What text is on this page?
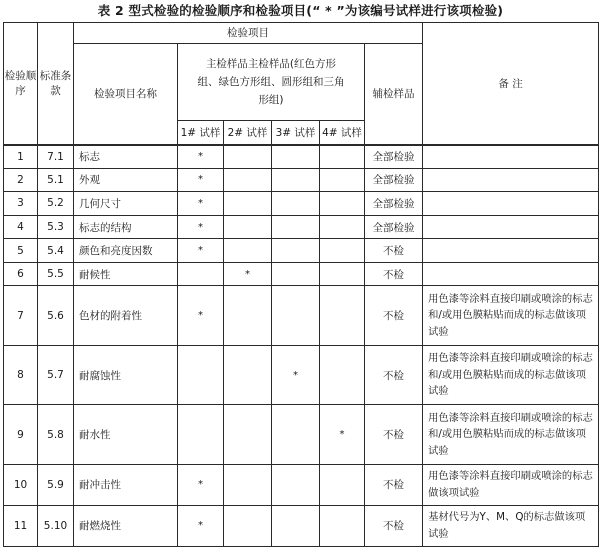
表 2 型式检验的检验顺序和检验项目(“ * ”为该编号试样进行该项检验)
检验顺序	标准条款	检验项目						备 注
		检验项目名称	主检样品主检样品(红色方形组、绿色方形组、圆形组和三角形组)				辅检样品	
			1# 试样	2# 试样	3# 试样	4# 试样		
1	7.1	标志	*				全部检验	
2	5.1	外观	*				全部检验	
3	5.2	几何尺寸	*				全部检验	
4	5.3	标志的结构	*				全部检验	
5	5.4	颜色和亮度因数	*				不检	
6	5.5	耐候性		*			不检	
7	5.6	色材的附着性	*				不检	用色漆等涂料直接印刷或喷涂的标志和/或用色膜粘贴而成的标志做该项试验
8	5.7	耐腐蚀性			*		不检	用色漆等涂料直接印刷或喷涂的标志和/或用色膜粘贴而成的标志做该项试验
9	5.8	耐水性				*	不检	用色漆等涂料直接印刷或喷涂的标志和/或用色膜粘贴而成的标志做该项试验
10	5.9	耐冲击性	*				不检	用色漆等涂料直接印刷或喷涂的标志做该项试验
11	5.10	耐燃烧性	*				不检	基材代号为Y、M、Q的标志做该项试验
